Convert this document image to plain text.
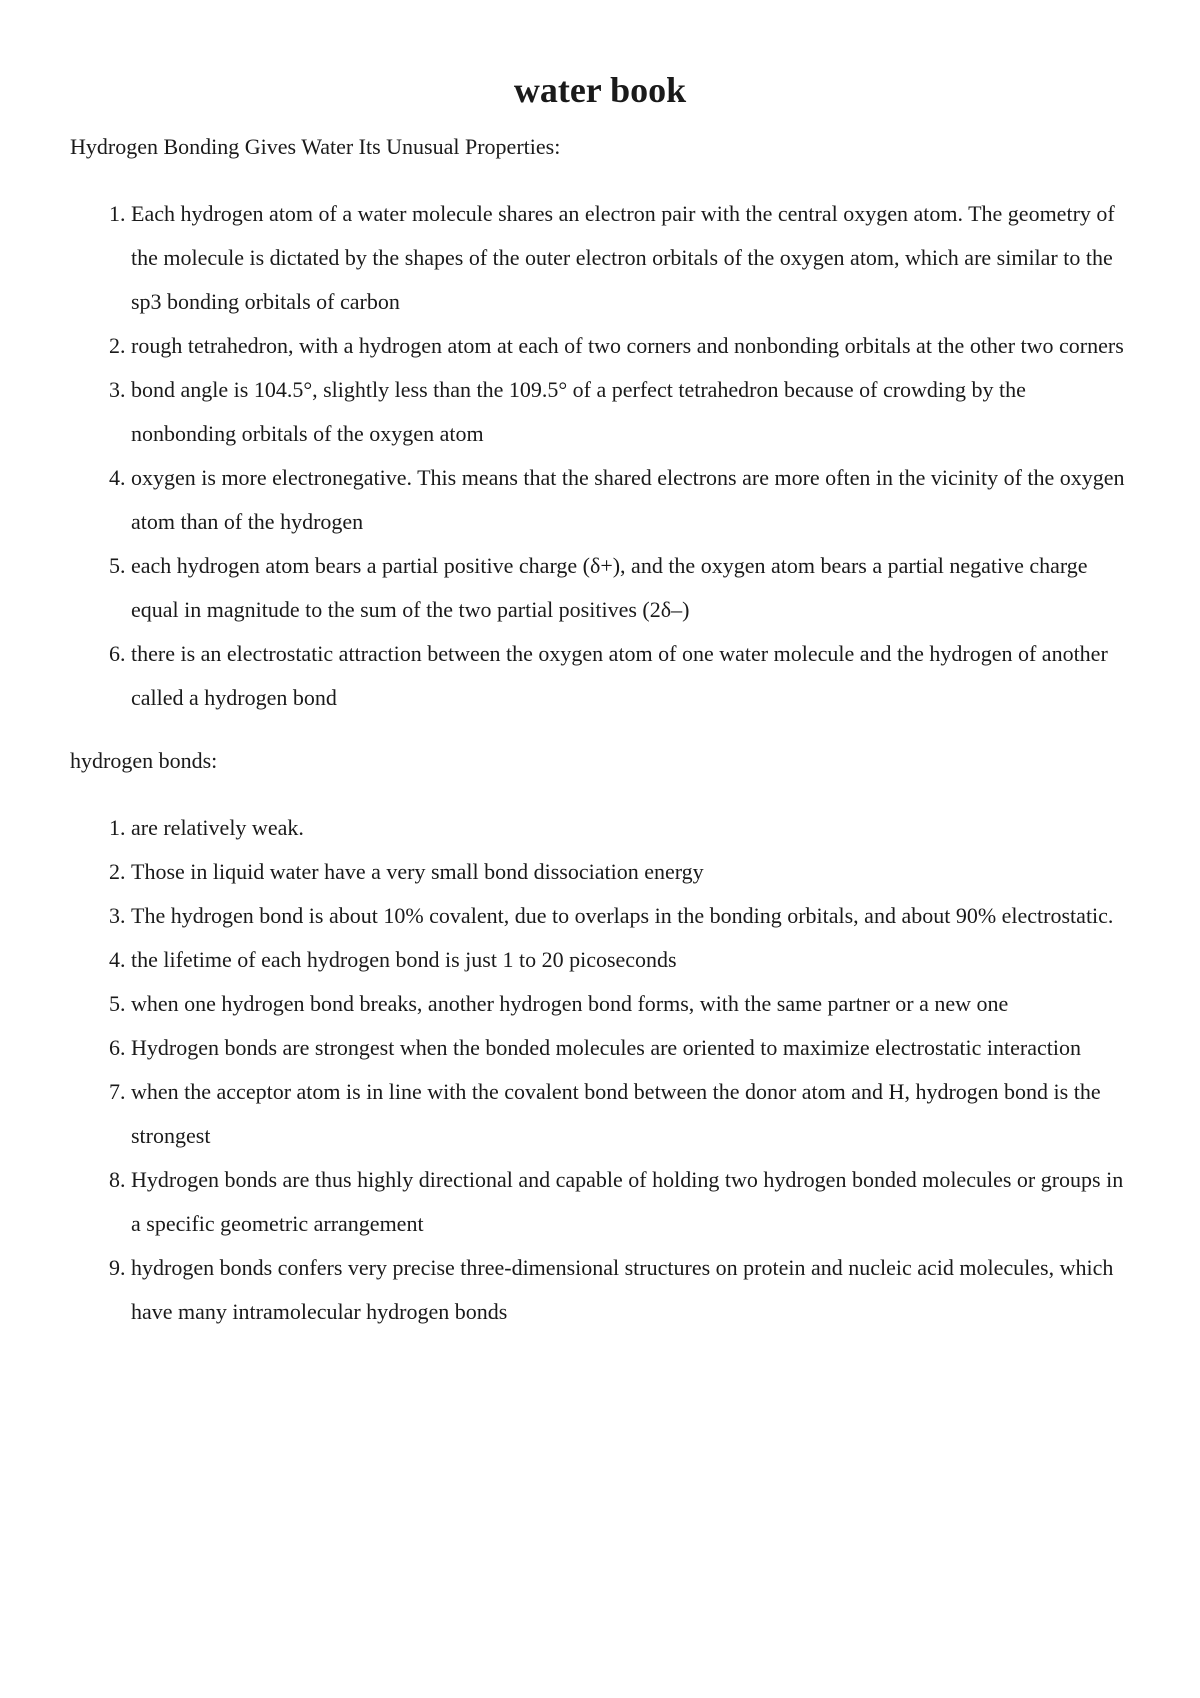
water book

Hydrogen Bonding Gives Water Its Unusual Properties:

1. Each hydrogen atom of a water molecule shares an electron pair with the central oxygen atom. The geometry of the molecule is dictated by the shapes of the outer electron orbitals of the oxygen atom, which are similar to the sp3 bonding orbitals of carbon
2. rough tetrahedron, with a hydrogen atom at each of two corners and nonbonding orbitals at the other two corners
3. bond angle is 104.5°, slightly less than the 109.5° of a perfect tetrahedron because of crowding by the nonbonding orbitals of the oxygen atom
4. oxygen is more electronegative. This means that the shared electrons are more often in the vicinity of the oxygen atom than of the hydrogen
5. each hydrogen atom bears a partial positive charge (δ+), and the oxygen atom bears a partial negative charge equal in magnitude to the sum of the two partial positives (2δ–)
6. there is an electrostatic attraction between the oxygen atom of one water molecule and the hydrogen of another called a hydrogen bond

hydrogen bonds:

1. are relatively weak.
2. Those in liquid water have a very small bond dissociation energy
3. The hydrogen bond is about 10% covalent, due to overlaps in the bonding orbitals, and about 90% electrostatic.
4. the lifetime of each hydrogen bond is just 1 to 20 picoseconds
5. when one hydrogen bond breaks, another hydrogen bond forms, with the same partner or a new one
6. Hydrogen bonds are strongest when the bonded molecules are oriented to maximize electrostatic interaction
7. when the acceptor atom is in line with the covalent bond between the donor atom and H, hydrogen bond is the strongest
8. Hydrogen bonds are thus highly directional and capable of holding two hydrogen bonded molecules or groups in a specific geometric arrangement
9. hydrogen bonds confers very precise three-dimensional structures on protein and nucleic acid molecules, which have many intramolecular hydrogen bonds
